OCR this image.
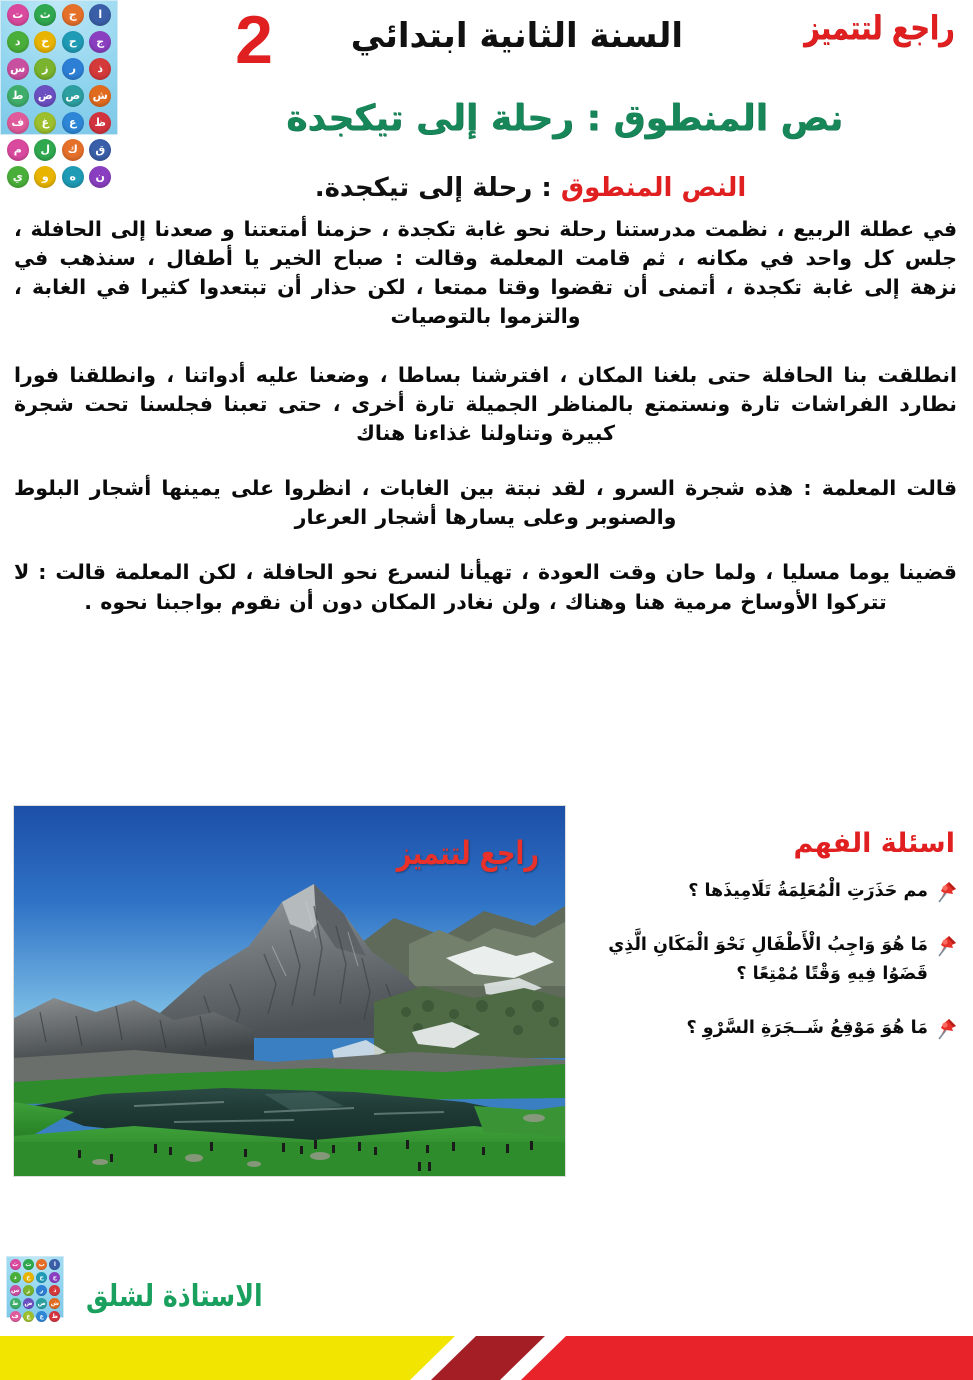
ا
ج
ث
ت
ج
ح
خ
د
ذ
ر
ز
س
ش
ص
ض
ط
ظ
ع
غ
ف
ق
ك
ل
م
ن
ه
و
ي
راجع لتتميز
السنة الثانية ابتدائي
2
نص المنطوق : رحلة إلى تيكجدة
النص المنطوق : رحلة إلى تيكجدة.

في عطلة الربيع ، نظمت مدرستنا رحلة نحو غابة تكجدة ، حزمنا أمتعتنا و صعدنا إلى الحافلة ، جلس كل واحد في مكانه ، ثم قامت المعلمة وقالت : صباح الخير يا أطفال ، سنذهب في نزهة إلى غابة تكجدة ، أتمنى أن تقضوا وقتا ممتعا ، لكن حذار أن تبتعدوا كثيرا في الغابة ، والتزموا بالتوصيات

انطلقت بنا الحافلة حتى بلغنا المكان ، افترشنا بساطا ، وضعنا عليه أدواتنا ، وانطلقنا فورا نطارد الفراشات تارة ونستمتع بالمناظر الجميلة تارة أخرى ، حتى تعبنا فجلسنا تحت شجرة كبيرة وتناولنا غذاءنا هناك

قالت المعلمة : هذه شجرة السرو ، لقد نبتة بين الغابات ، انظروا على يمينها أشجار البلوط والصنوبر وعلى يسارها أشجار العرعار

قضينا يوما مسليا ، ولما حان وقت العودة ، تهيأنا لنسرع نحو الحافلة ، لكن المعلمة قالت : لا تتركوا الأوساخ مرمية هنا وهناك ، ولن نغادر المكان دون أن نقوم بواجبنا نحوه .

راجع لتتميز	اسئلة الفهم
مم حَذَرَتِ الْمُعَلِمَةُ تَلَامِيذَها ؟
مَا هُوَ وَاجِبُ الْأَطْفَالِ نَحْوَ الْمَكَانِ الَّذِي قَضَوُا فِيهِ وَقْتًا مُمْتِعًا ؟
مَا هُوَ مَوْقِعُ شَــجَرَةِ السَّرْوِ ؟
ا
ب
ت
ث
ج
ح
خ
د
ذ
ر
ز
س
ش
ص
ض
ط
ظ
ع
غ
ف
الاستاذة لشلق
